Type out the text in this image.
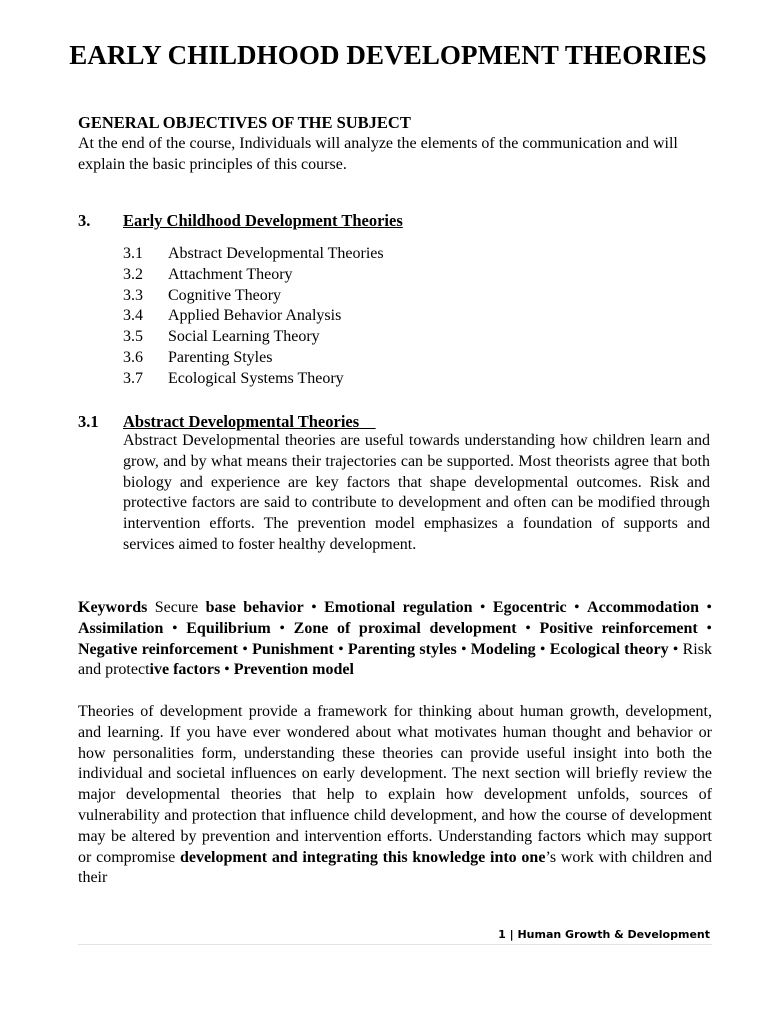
EARLY CHILDHOOD DEVELOPMENT THEORIES
GENERAL OBJECTIVES OF THE SUBJECT
At the end of the course, Individuals will analyze the elements of the communication and will explain the basic principles of this course.
3. Early Childhood Development Theories
3.1 Abstract Developmental Theories
3.2 Attachment Theory
3.3 Cognitive Theory
3.4 Applied Behavior Analysis
3.5 Social Learning Theory
3.6 Parenting Styles
3.7 Ecological Systems Theory
3.1 Abstract Developmental Theories
Abstract Developmental theories are useful towards understanding how children learn and grow, and by what means their trajectories can be supported. Most theorists agree that both biology and experience are key factors that shape developmental outcomes. Risk and protective factors are said to contribute to development and often can be modified through intervention efforts. The prevention model emphasizes a foundation of supports and services aimed to foster healthy development.
Keywords Secure base behavior • Emotional regulation • Egocentric • Accommodation • Assimilation • Equilibrium • Zone of proximal development • Positive reinforcement • Negative reinforcement • Punishment • Parenting styles • Modeling • Ecological theory • Risk and protective factors • Prevention model
Theories of development provide a framework for thinking about human growth, development, and learning. If you have ever wondered about what motivates human thought and behavior or how personalities form, understanding these theories can provide useful insight into both the individual and societal influences on early development. The next section will briefly review the major developmental theories that help to explain how development unfolds, sources of vulnerability and protection that influence child development, and how the course of development may be altered by prevention and intervention efforts. Understanding factors which may support or compromise development and integrating this knowledge into one’s work with children and their
1 | Human Growth & Development
